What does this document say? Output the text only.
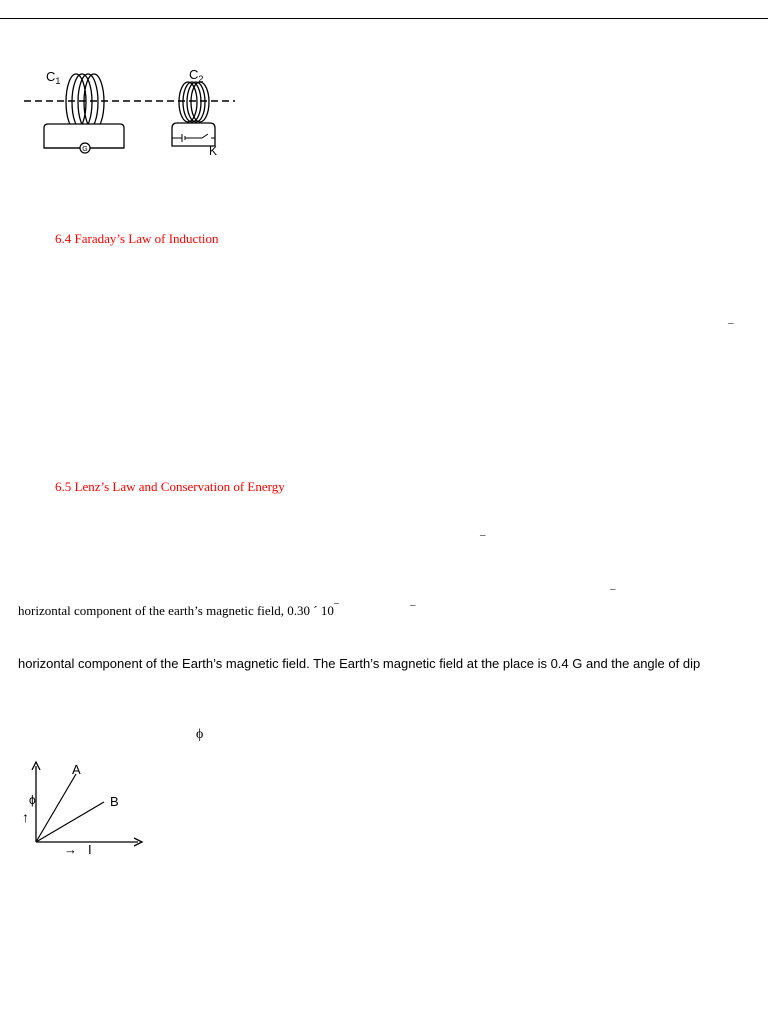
G
$C_1$	$C_2$
K
6.4 Faraday’s Law of Induction
–
6.5 Lenz’s Law and Conservation of Energy
–
–
horizontal component of the earth’s magnetic field, 0.30 ´ 10¯	–
horizontal component of the Earth’s magnetic field. The Earth’s magnetic field at the place is 0.4 G and the angle of dip
ϕ
A
B
ϕ
↑
→ I
